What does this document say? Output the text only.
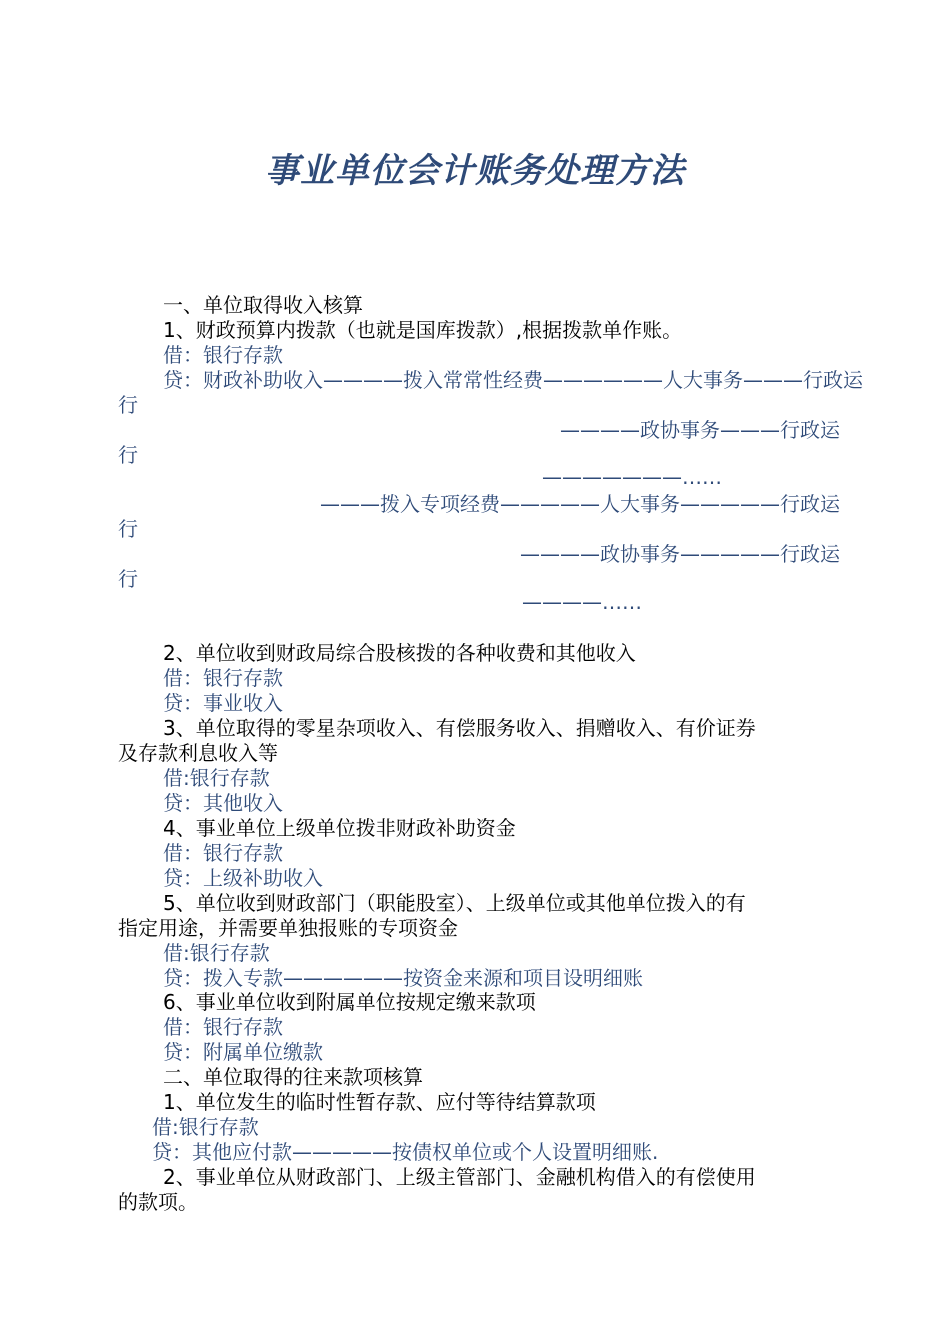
事业单位会计账务处理方法
一、单位取得收入核算
1、财政预算内拨款（也就是国库拨款）,根据拨款单作账。
借：银行存款
贷：财政补助收入————拨入常常性经费——————人大事务———行政运
行
————政协事务———行政运
行
———————……
———拨入专项经费—————人大事务—————行政运
行
————政协事务—————行政运
行
————……
2、单位收到财政局综合股核拨的各种收费和其他收入
借：银行存款
贷：事业收入
3、单位取得的零星杂项收入、有偿服务收入、捐赠收入、有价证券
及存款利息收入等
借:银行存款
贷：其他收入
4、事业单位上级单位拨非财政补助资金
借：银行存款
贷：上级补助收入
5、单位收到财政部门（职能股室）、上级单位或其他单位拨入的有
指定用途，并需要单独报账的专项资金
借:银行存款
贷：拨入专款——————按资金来源和项目设明细账
6、事业单位收到附属单位按规定缴来款项
借：银行存款
贷：附属单位缴款
二、单位取得的往来款项核算
1、单位发生的临时性暂存款、应付等待结算款项
借:银行存款
贷：其他应付款—————按债权单位或个人设置明细账.
2、事业单位从财政部门、上级主管部门、金融机构借入的有偿使用
的款项。
